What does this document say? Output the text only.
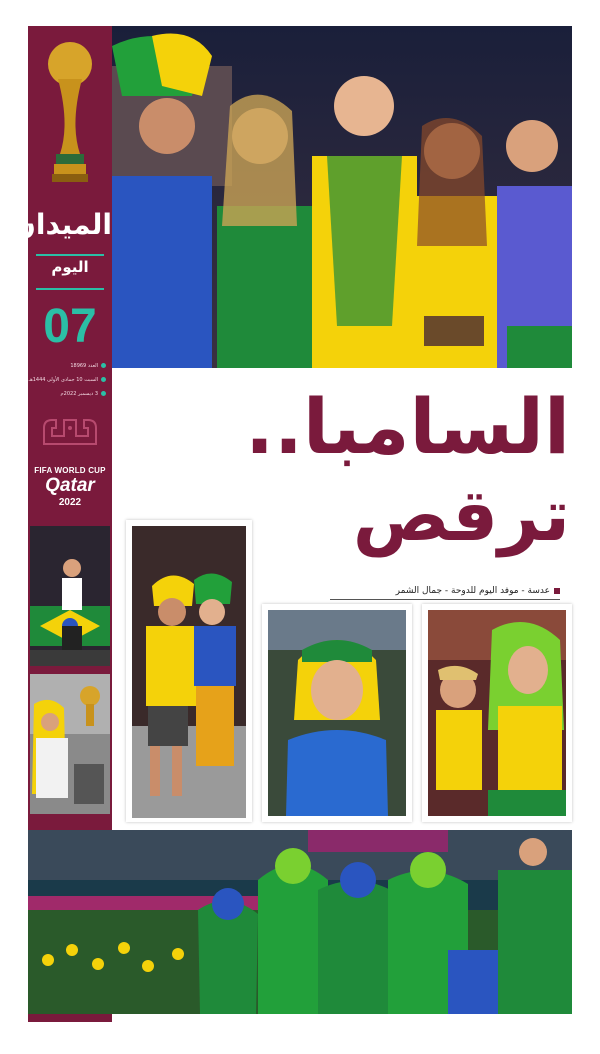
الميدان
اليوم
07
العدد 18969
السبت 10 جمادى الأولى 1444هـ
3 ديسمبر 2022م
FIFA WORLD CUP
Qatar
2022
السامبا..
ترقص
عدسة - موفد اليوم للدوحة - جمال الشمر
